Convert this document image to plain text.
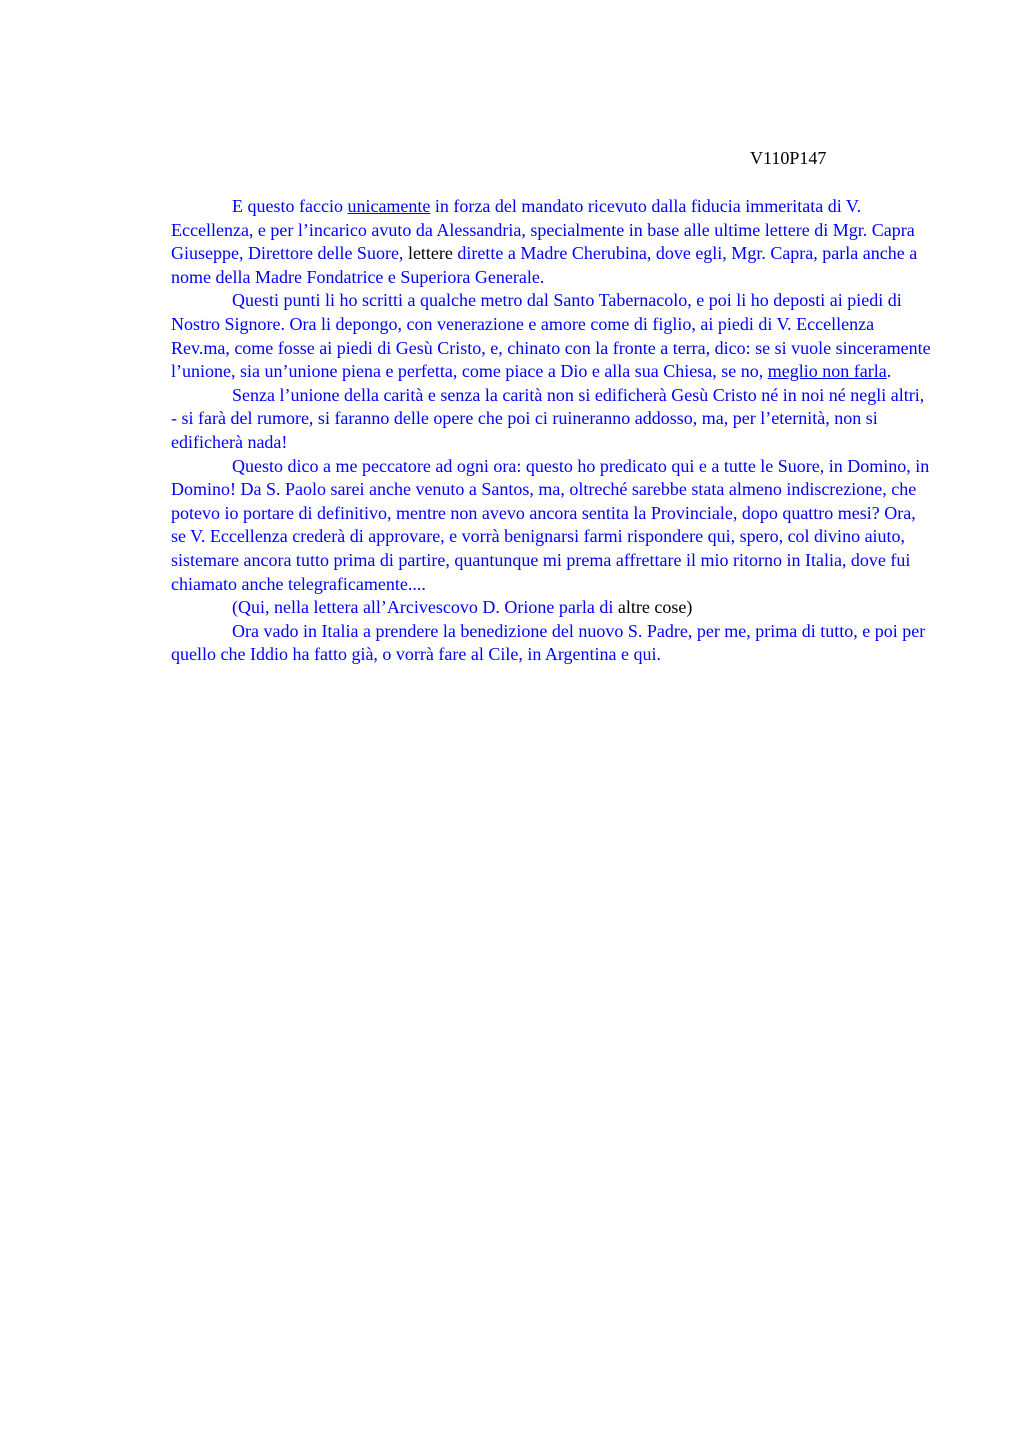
V110P147

E questo faccio unicamente in forza del mandato ricevuto dalla fiducia immeritata di V. Eccellenza, e per l’incarico avuto da Alessandria, specialmente in base alle ultime lettere di Mgr. Capra Giuseppe, Direttore delle Suore, lettere dirette a Madre Cherubina, dove egli, Mgr. Capra, parla anche a nome della Madre Fondatrice e Superiora Generale.

Questi punti li ho scritti a qualche metro dal Santo Tabernacolo, e poi li ho deposti ai piedi di Nostro Signore. Ora li depongo, con venerazione e amore come di figlio, ai piedi di V. Eccellenza Rev.ma, come fosse ai piedi di Gesù Cristo, e, chinato con la fronte a terra, dico: se si vuole sinceramente l’unione, sia un’unione piena e perfetta, come piace a Dio e alla sua Chiesa, se no, meglio non farla.

Senza l’unione della carità e senza la carità non si edificherà Gesù Cristo né in noi né negli altri, - si farà del rumore, si faranno delle opere che poi ci ruineranno addosso, ma, per l’eternità, non si edificherà nada!

Questo dico a me peccatore ad ogni ora: questo ho predicato qui e a tutte le Suore, in Domino, in Domino! Da S. Paolo sarei anche venuto a Santos, ma, oltreché sarebbe stata almeno indiscrezione, che potevo io portare di definitivo, mentre non avevo ancora sentita la Provinciale, dopo quattro mesi? Ora, se V. Eccellenza crederà di approvare, e vorrà benignarsi farmi rispondere qui, spero, col divino aiuto, sistemare ancora tutto prima di partire, quantunque mi prema affrettare il mio ritorno in Italia, dove fui chiamato anche telegraficamente....

(Qui, nella lettera all’Arcivescovo D. Orione parla di altre cose)

Ora vado in Italia a prendere la benedizione del nuovo S. Padre, per me, prima di tutto, e poi per quello che Iddio ha fatto già, o vorrà fare al Cile, in Argentina e qui.
